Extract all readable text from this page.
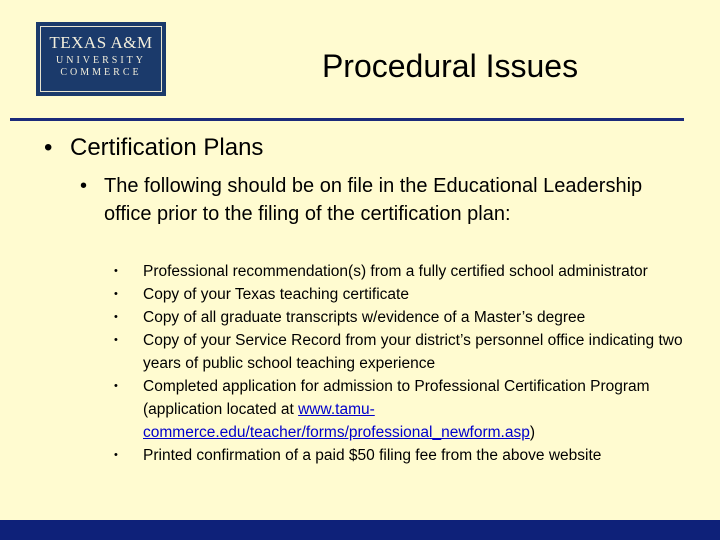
TEXAS A&M
UNIVERSITY
COMMERCE	Procedural Issues
• Certification Plans
• The following should be on file in the Educational Leadership office prior to the filing of the certification plan:
• Professional recommendation(s) from a fully certified school administrator
• Copy of your Texas teaching certificate
• Copy of all graduate transcripts w/evidence of a Master’s degree
• Copy of your Service Record from your district’s personnel office indicating two years of public school teaching experience
• Completed application for admission to Professional Certification Program (application located at www.tamu-commerce.edu/teacher/forms/professional_newform.asp)
• Printed confirmation of a paid $50 filing fee from the above website
